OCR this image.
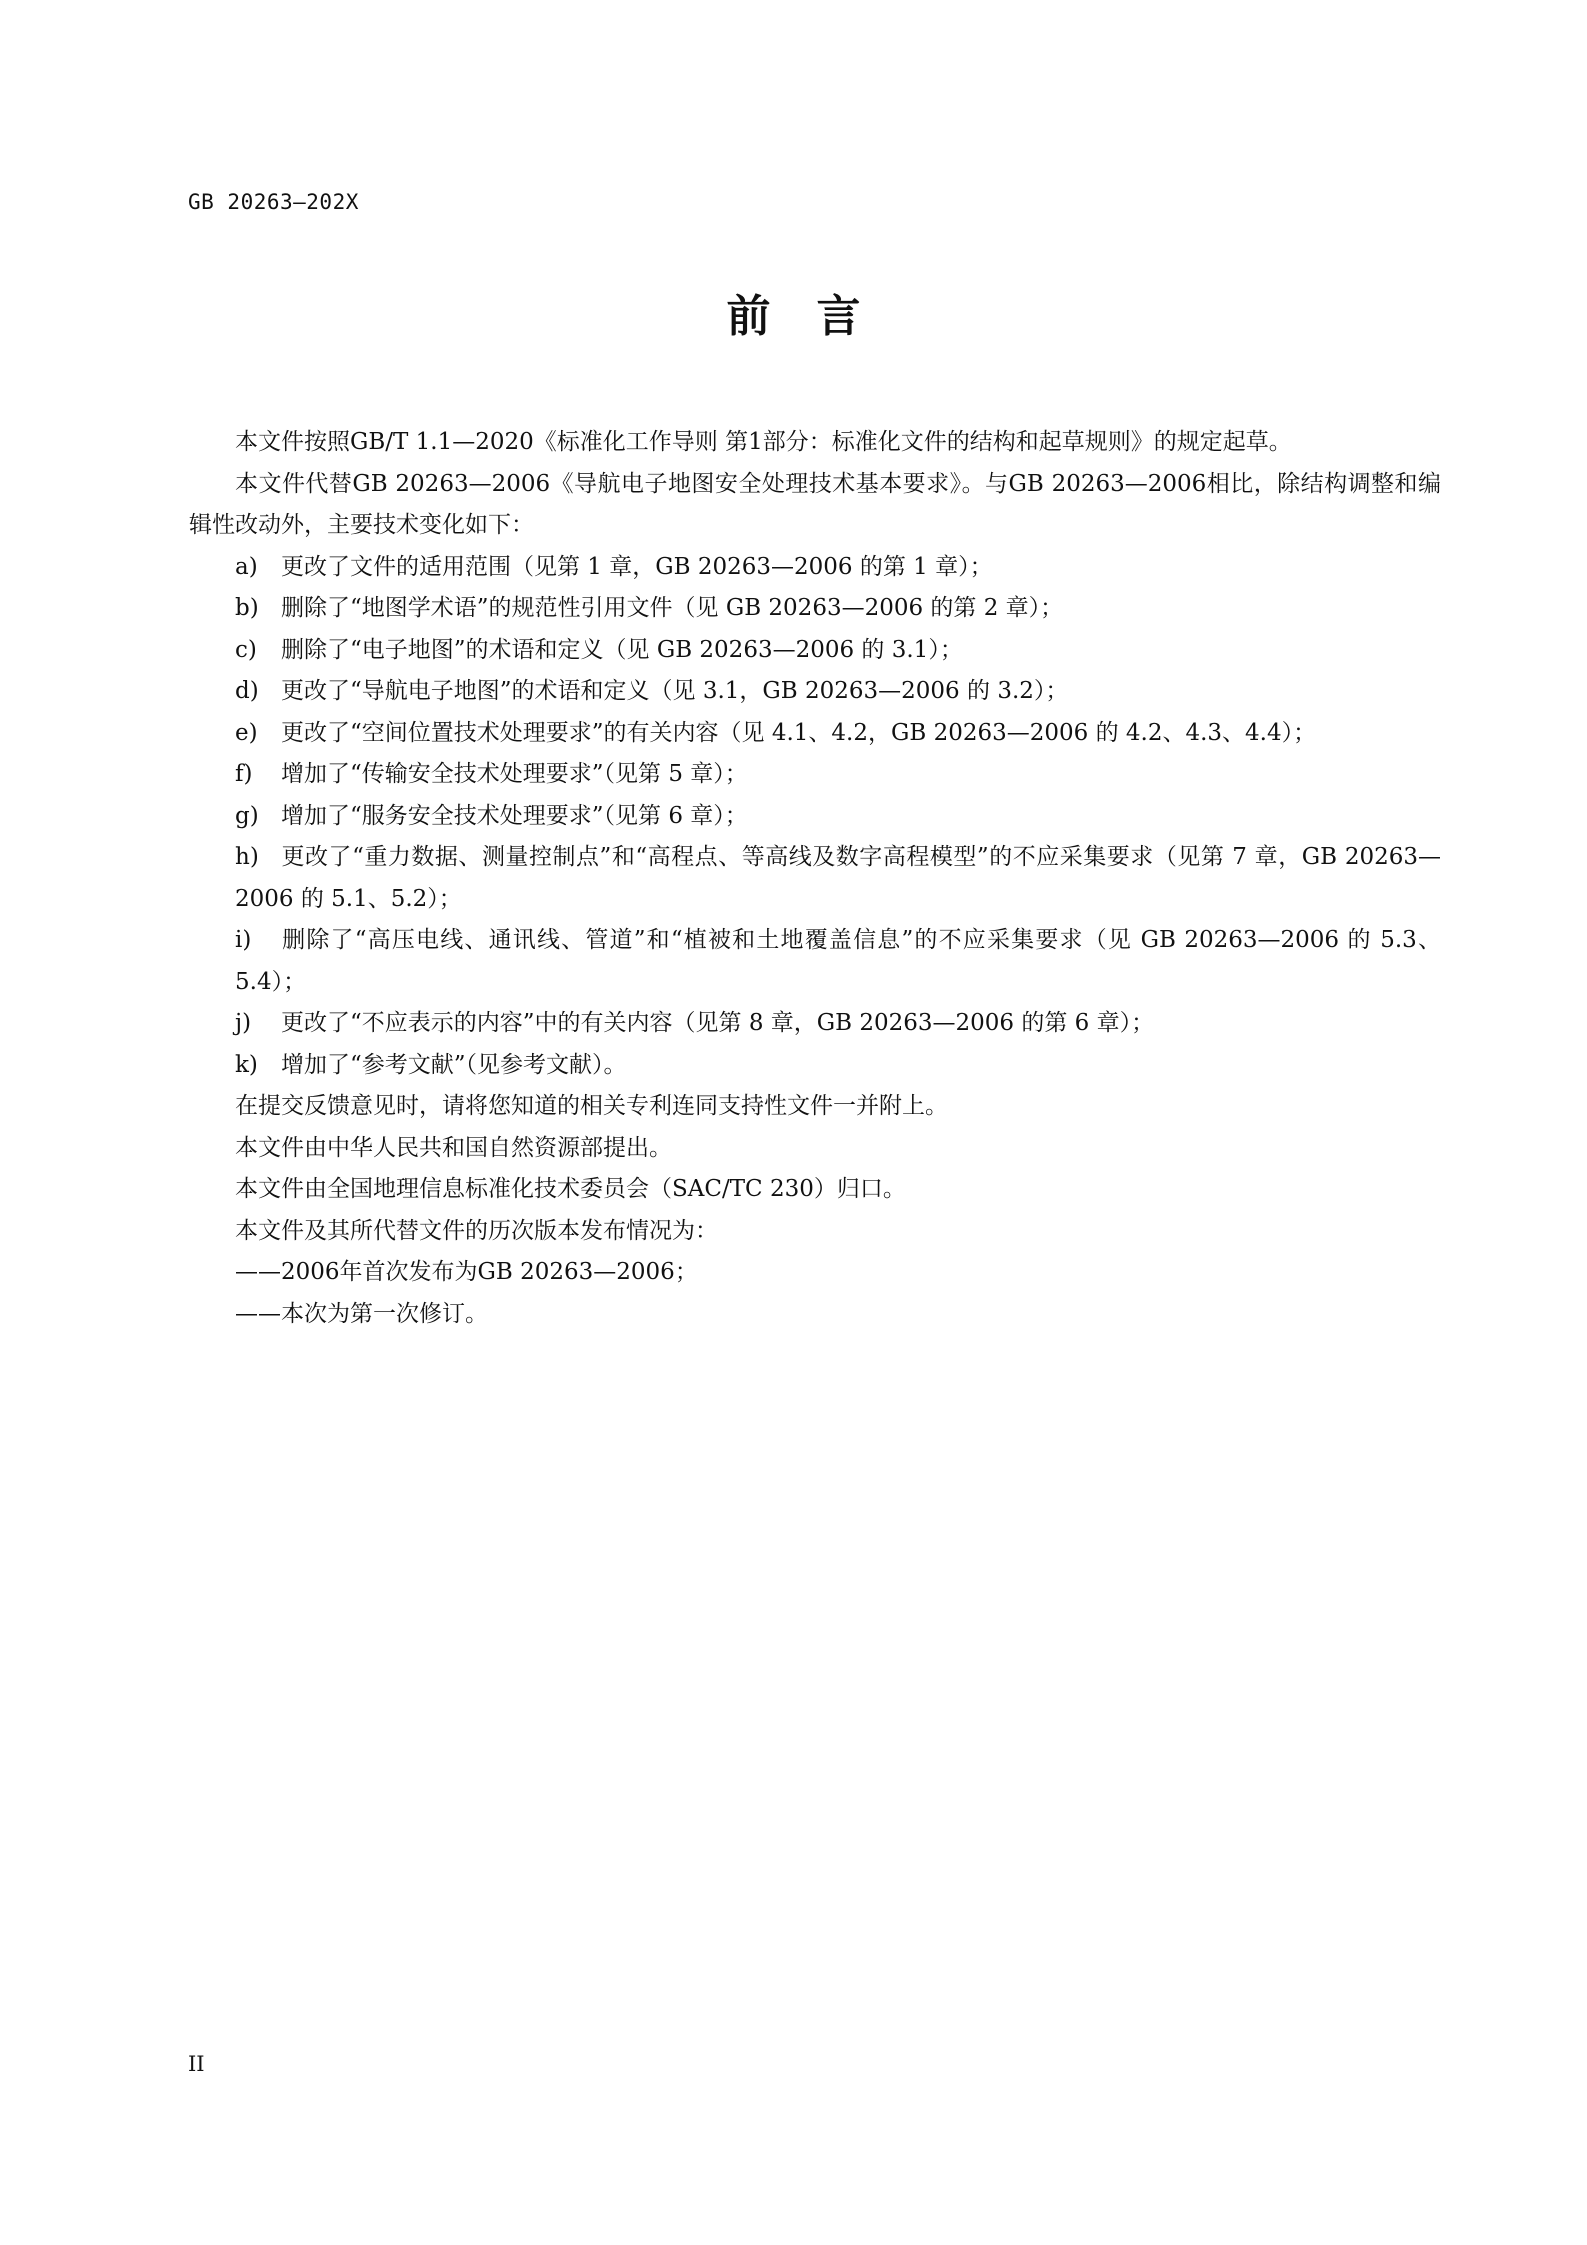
GB 20263—202X
前言

本文件按照GB/T 1.1—2020《标准化工作导则 第1部分：标准化文件的结构和起草规则》的规定起草。

本文件代替GB 20263—2006《导航电子地图安全处理技术基本要求》。与GB 20263—2006相比，除结构调整和编辑性改动外，主要技术变化如下：

a) 更改了文件的适用范围（见第 1 章，GB 20263—2006 的第 1 章）；

b) 删除了“地图学术语”的规范性引用文件（见 GB 20263—2006 的第 2 章）；

c) 删除了“电子地图”的术语和定义（见 GB 20263—2006 的 3.1）；

d) 更改了“导航电子地图”的术语和定义（见 3.1，GB 20263—2006 的 3.2）；

e) 更改了“空间位置技术处理要求”的有关内容（见 4.1、4.2，GB 20263—2006 的 4.2、4.3、4.4）；

f) 增加了“传输安全技术处理要求”（见第 5 章）；

g) 增加了“服务安全技术处理要求”（见第 6 章）；

h) 更改了“重力数据、测量控制点”和“高程点、等高线及数字高程模型”的不应采集要求（见第 7 章，GB 20263—2006 的 5.1、5.2）；

i) 删除了“高压电线、通讯线、管道”和“植被和土地覆盖信息”的不应采集要求（见 GB 20263—2006 的 5.3、5.4）；

j) 更改了“不应表示的内容”中的有关内容（见第 8 章，GB 20263—2006 的第 6 章）；

k) 增加了“参考文献”（见参考文献）。

在提交反馈意见时，请将您知道的相关专利连同支持性文件一并附上。

本文件由中华人民共和国自然资源部提出。

本文件由全国地理信息标准化技术委员会（SAC/TC 230）归口。

本文件及其所代替文件的历次版本发布情况为：

——2006年首次发布为GB 20263—2006；

——本次为第一次修订。

II
